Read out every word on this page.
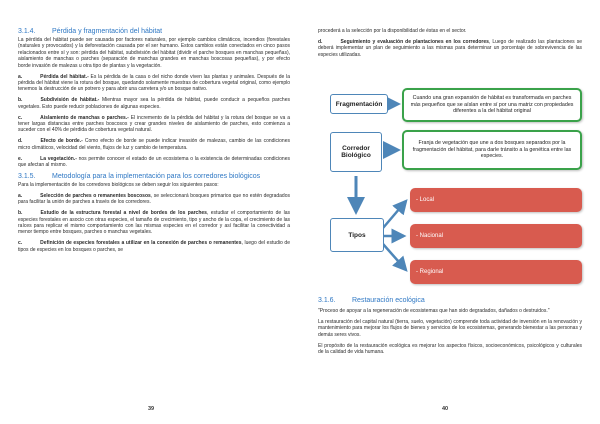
3.1.4. Pérdida y fragmentación del hábitat

La pérdida del hábitat puede ser causada por factores naturales, por ejemplo cambios climáticos, incendios (forestales (naturales y provocados) y la deforestación causada por el ser humano. Estos cambios están conectados en cinco pasos relacionados entre sí y son: pérdida del hábitat, subdivisión del hábitat (dividir el parche bosques en manchas pequeñas), aislamiento de manchas o parches (separación de manchas grandes en manchas boscosas pequeñas), y por efecto borde invasión de malezas u otra tipo de plantas y la vegetación.

a.	Pérdida del hábitat.- Es la pérdida de la casa o del nicho donde viven las plantas y animales. Después de la pérdida del hábitat viene la rotura del bosque, quedando solamente muestras de cobertura vegetal original, como ejemplo tenemos la destrucción de un potrero y para abrir una carretera y/o un bosque nativo.

b.	Subdivisión de hábitat.- Mientras mayor sea la pérdida de hábitat, puede conducir a pequeños parches vegetales. Esto puede reducir poblaciones de algunas especies.

c.	Aislamiento de manchas o parches.- El incremento de la pérdida del hábitat y la rotura del bosque se va a tener largas distancias entre parches boscosos y crear grandes niveles de aislamiento de parches, esto comienza a suceder con el 40% de pérdida de cobertura vegetal natural.

d.	Efecto de borde.- Como efecto de borde se puede indicar invasión de malezas, cambio de las condiciones micro climáticos, velocidad del viento, flujos de luz y cambio de temperatura.

e.	La vegetación.- nos permite conocer el estado de un ecosistema o la existencia de determinadas condiciones que afectan al mismo.

3.1.5. Metodología para la implementación para los corredores biológicos

Para la implementación de los corredores biológicos se deben seguir los siguientes pasos:

a.	Selección de parches o remanentes boscosos, se seleccionará bosques primarios que no estén degradados para facilitar la unión de parches a través de los corredores.

b.	Estudio de la estructura forestal a nivel de bordes de los parches, estudiar el comportamiento de las especies forestales en asocio con otras especies, el tamaño de crecimiento, tipo y ancho de la copa, el crecimiento de las raíces para replicar el mismo comportamiento con las mismas especies en el corredor y así facilitar la conectividad a menor tiempo entre bosques, parches o manchas vegetales.

c.	Definición de especies forestales a utilizar en la conexión de parches o remanentes, luego del estudio de tipos de especies en los bosques o parches, se

39

procederá a la selección por la disponibilidad de éstas en el sector.

d.	Seguimiento y evaluación de plantaciones en los corredores, Luego de realizado las plantaciones se deberá implementar un plan de seguimiento a las mismas para determinar un porcentaje de sobrevivencia de las especies utilizadas.

Fragmentación
Cuando una gran expansión de hábitat es transformada en parches más pequeños que se aíslan entre sí por una matriz con propiedades diferentes a la del hábitat original
Corredor Biológico
Franja de vegetación que une a dos bosques separados por la fragmentación del hábitat, para darle tránsito a la genética entre las especies.
Tipos
- Local
- Nacional
- Regional
3.1.6. Restauración ecológica

"Proceso de apoyar a la regeneración de ecosistemas que han sido degradados, dañados o destruidos."

La restauración del capital natural (tierra, suelo, vegetación) comprende toda actividad de inversión en la renovación y mantenimiento para mejorar los flujos de bienes y servicios de los ecosistemas, generando bienestar a las personas y demás seres vivos.

El propósito de la restauración ecológica es mejorar los aspectos físicos, socioeconómicos, psicológicos y culturales de la calidad de vida humana.

40
